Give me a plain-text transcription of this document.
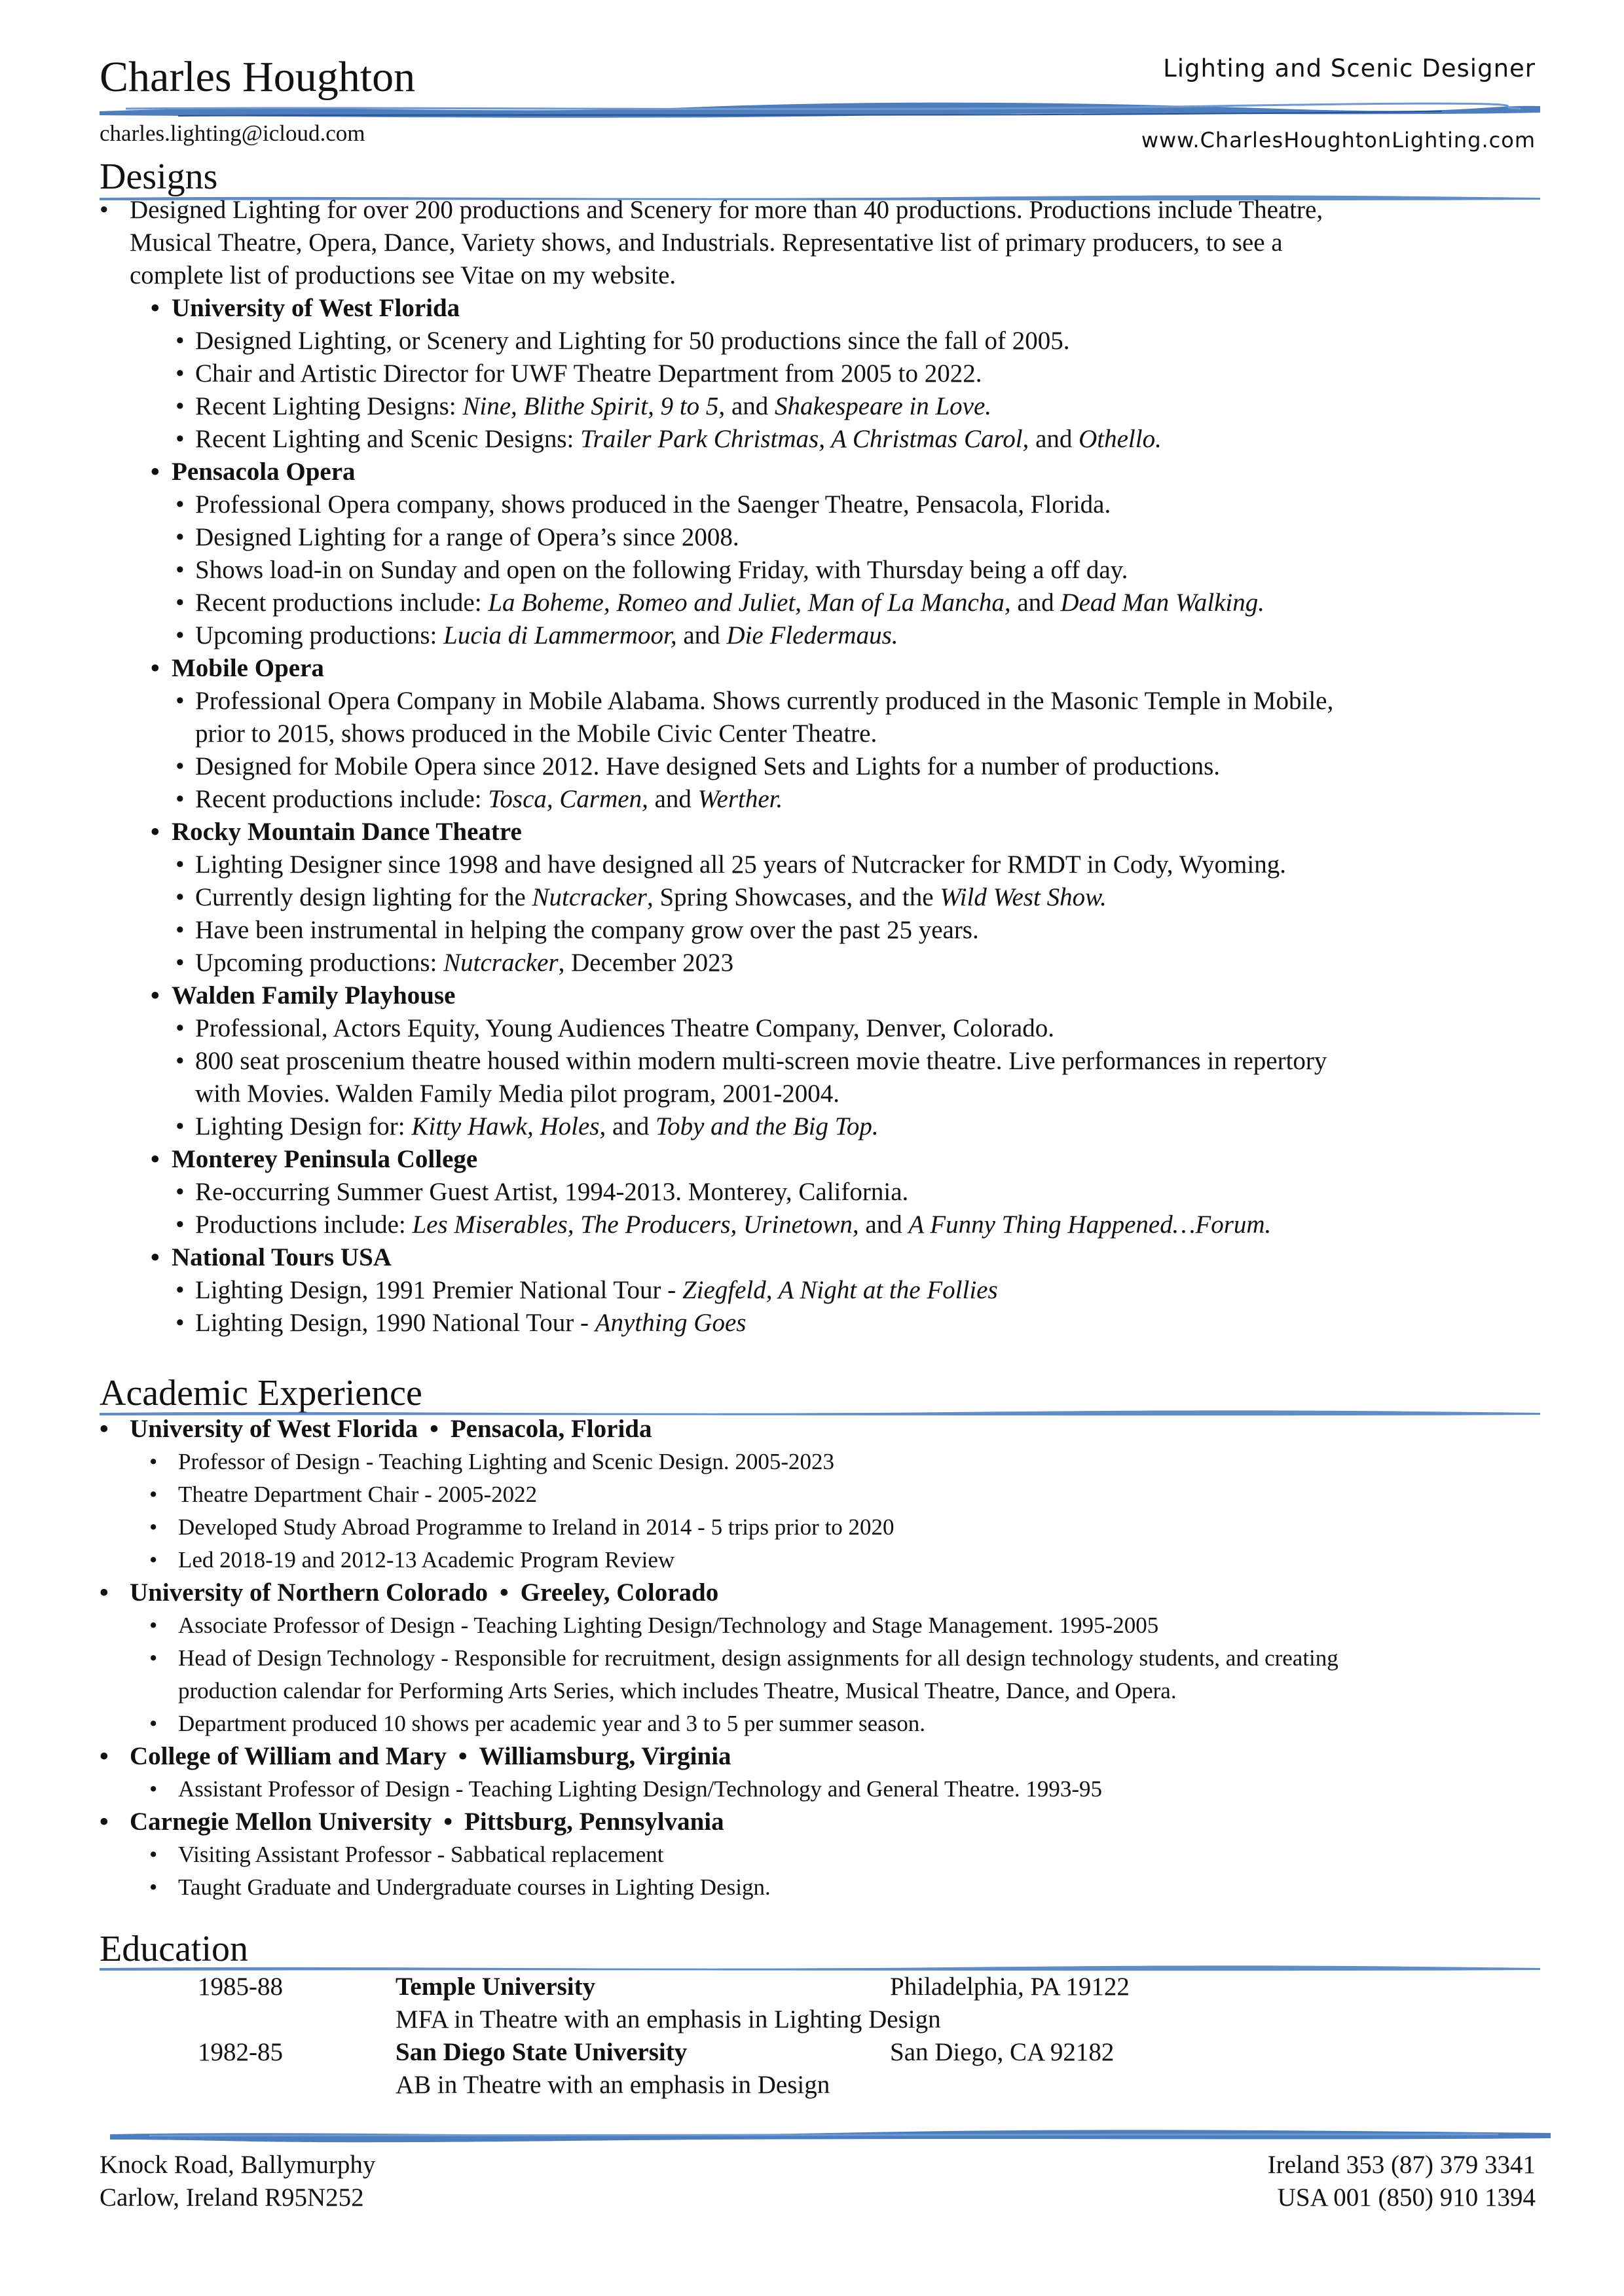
Charles Houghton	Lighting and Scenic Designer
charles.lighting@icloud.com	www.CharlesHoughtonLighting.com
Designs
• Designed Lighting for over 200 productions and Scenery for more than 40 productions. Productions include Theatre,
Musical Theatre, Opera, Dance, Variety shows, and Industrials. Representative list of primary producers, to see a
complete list of productions see Vitae on my website.
• University of West Florida
• Designed Lighting, or Scenery and Lighting for 50 productions since the fall of 2005.
• Chair and Artistic Director for UWF Theatre Department from 2005 to 2022.
• Recent Lighting Designs: Nine, Blithe Spirit, 9 to 5, and Shakespeare in Love.
• Recent Lighting and Scenic Designs: Trailer Park Christmas, A Christmas Carol, and Othello.
• Pensacola Opera
• Professional Opera company, shows produced in the Saenger Theatre, Pensacola, Florida.
• Designed Lighting for a range of Opera’s since 2008.
• Shows load-in on Sunday and open on the following Friday, with Thursday being a off day.
• Recent productions include: La Boheme, Romeo and Juliet, Man of La Mancha, and Dead Man Walking.
• Upcoming productions: Lucia di Lammermoor, and Die Fledermaus.
• Mobile Opera
• Professional Opera Company in Mobile Alabama. Shows currently produced in the Masonic Temple in Mobile,
prior to 2015, shows produced in the Mobile Civic Center Theatre.
• Designed for Mobile Opera since 2012. Have designed Sets and Lights for a number of productions.
• Recent productions include: Tosca, Carmen, and Werther.
• Rocky Mountain Dance Theatre
• Lighting Designer since 1998 and have designed all 25 years of Nutcracker for RMDT in Cody, Wyoming.
• Currently design lighting for the Nutcracker, Spring Showcases, and the Wild West Show.
• Have been instrumental in helping the company grow over the past 25 years.
• Upcoming productions: Nutcracker, December 2023
• Walden Family Playhouse
• Professional, Actors Equity, Young Audiences Theatre Company, Denver, Colorado.
• 800 seat proscenium theatre housed within modern multi-screen movie theatre. Live performances in repertory
with Movies. Walden Family Media pilot program, 2001-2004.
• Lighting Design for: Kitty Hawk, Holes, and Toby and the Big Top.
• Monterey Peninsula College
• Re-occurring Summer Guest Artist, 1994-2013. Monterey, California.
• Productions include: Les Miserables, The Producers, Urinetown, and A Funny Thing Happened…Forum.
• National Tours USA
• Lighting Design, 1991 Premier National Tour - Ziegfeld, A Night at the Follies
• Lighting Design, 1990 National Tour - Anything Goes
Academic Experience
• University of West Florida • Pensacola, Florida
• Professor of Design - Teaching Lighting and Scenic Design. 2005-2023
• Theatre Department Chair - 2005-2022
• Developed Study Abroad Programme to Ireland in 2014 - 5 trips prior to 2020
• Led 2018-19 and 2012-13 Academic Program Review
• University of Northern Colorado • Greeley, Colorado
• Associate Professor of Design - Teaching Lighting Design/Technology and Stage Management. 1995-2005
• Head of Design Technology - Responsible for recruitment, design assignments for all design technology students, and creating
production calendar for Performing Arts Series, which includes Theatre, Musical Theatre, Dance, and Opera.
• Department produced 10 shows per academic year and 3 to 5 per summer season.
• College of William and Mary • Williamsburg, Virginia
• Assistant Professor of Design - Teaching Lighting Design/Technology and General Theatre. 1993-95
• Carnegie Mellon University • Pittsburg, Pennsylvania
• Visiting Assistant Professor - Sabbatical replacement
• Taught Graduate and Undergraduate courses in Lighting Design.
Education
1985-88	Temple University	Philadelphia, PA 19122
MFA in Theatre with an emphasis in Lighting Design
1982-85	San Diego State University	San Diego, CA 92182
AB in Theatre with an emphasis in Design
Knock Road, Ballymurphy
Carlow, Ireland R95N252
Ireland 353 (87) 379 3341
USA 001 (850) 910 1394
